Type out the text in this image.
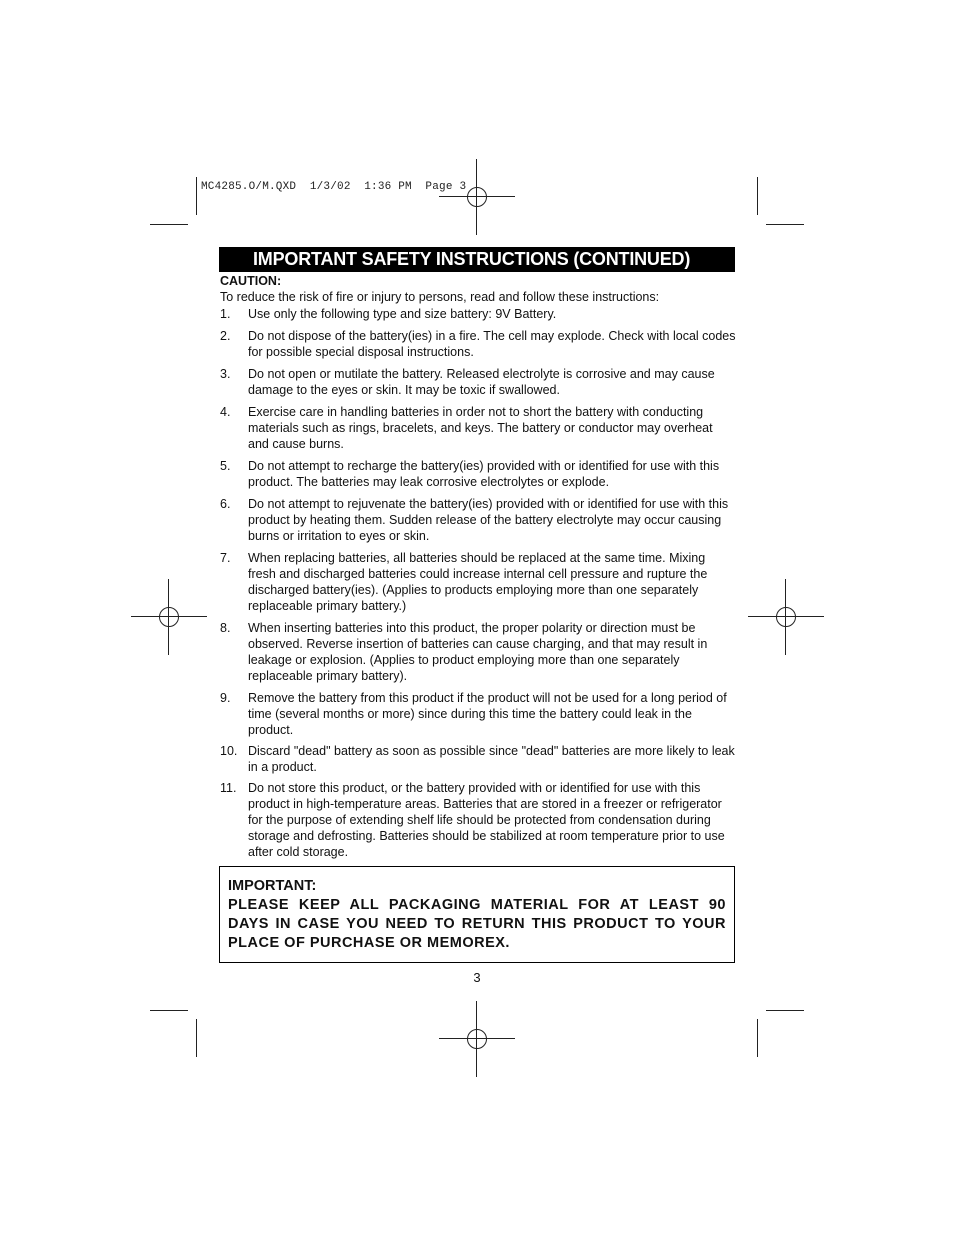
MC4285.O/M.QXD  1/3/02  1:36 PM  Page 3
IMPORTANT SAFETY INSTRUCTIONS (CONTINUED)
CAUTION:
To reduce the risk of fire or injury to persons, read and follow these instructions:
1.	Use only the following type and size battery: 9V Battery.
2.	Do not dispose of the battery(ies) in a fire. The cell may explode. Check with local codes for possible special disposal instructions.
3.	Do not open or mutilate the battery. Released electrolyte is corrosive and may cause damage to the eyes or skin. It may be toxic if swallowed.
4.	Exercise care in handling batteries in order not to short the battery with conducting materials such as rings, bracelets, and keys. The battery or conductor may overheat and cause burns.
5.	Do not attempt to recharge the battery(ies) provided with or identified for use with this product. The batteries may leak corrosive electrolytes or explode.
6.	Do not attempt to rejuvenate the battery(ies) provided with or identified for use with this product by heating them. Sudden release of the battery electrolyte may occur causing burns or irritation to eyes or skin.
7.	When replacing batteries, all batteries should be replaced at the same time. Mixing fresh and discharged batteries could increase internal cell pressure and rupture the discharged battery(ies). (Applies to products employing more than one separately replaceable primary battery.)
8.	When inserting batteries into this product, the proper polarity or direction must be observed. Reverse insertion of batteries can cause charging, and that may result in leakage or explosion. (Applies to product employing more than one separately replaceable primary battery).
9.	Remove the battery from this product if the product will not be used for a long period of time (several months or more) since during this time the battery could leak in the product.
10. Discard "dead" battery as soon as possible since "dead" batteries are more likely to leak in a product.
11. Do not store this product, or the battery provided with or identified for use with this product in high-temperature areas. Batteries that are stored in a freezer or refrigerator for the purpose of extending shelf life should be protected from condensation during storage and defrosting. Batteries should be stabilized at room temperature prior to use after cold storage.
IMPORTANT:
PLEASE KEEP ALL PACKAGING MATERIAL FOR AT LEAST 90 DAYS IN CASE YOU NEED TO RETURN THIS PRODUCT TO YOUR PLACE OF PURCHASE OR MEMOREX.
3
